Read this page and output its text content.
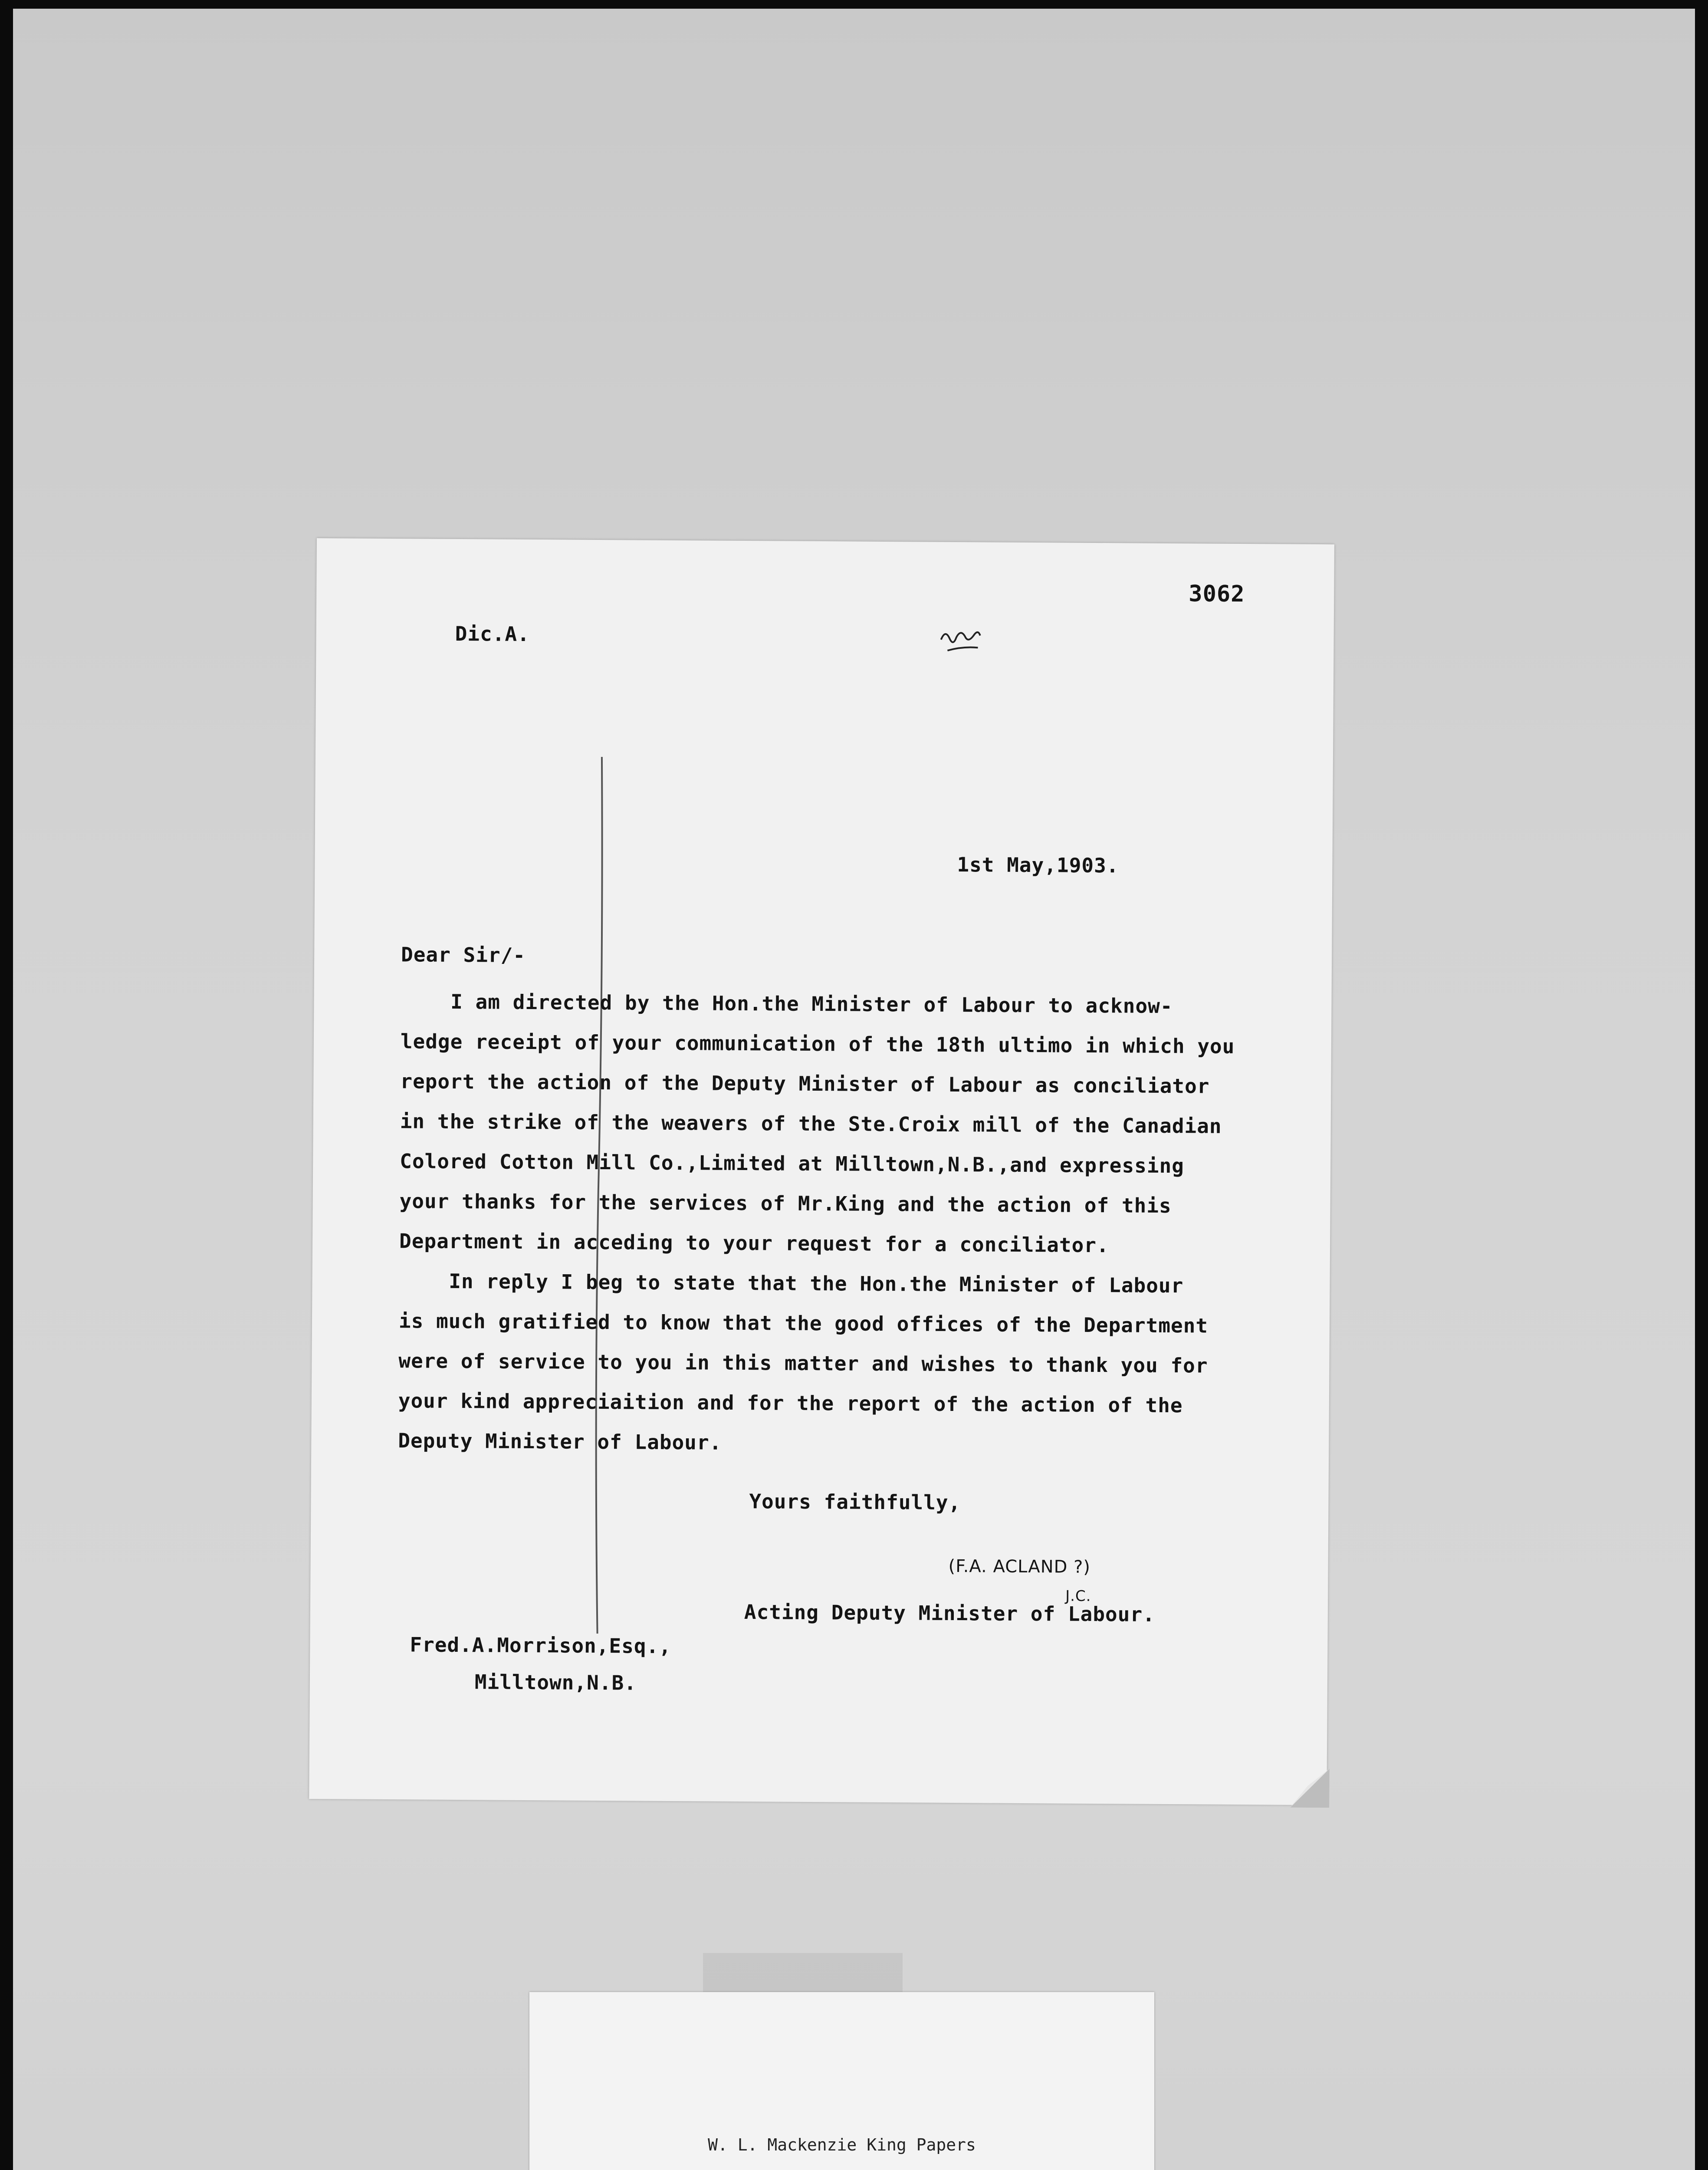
3062
Dic.A.
1st May,1903.
Dear Sir/-
I am directed by the Hon.the Minister of Labour to acknow-
ledge receipt of your communication of the 18th ultimo in which you
report the action of the Deputy Minister of Labour as conciliator
in the strike of the weavers of the Ste.Croix mill of the Canadian
Colored Cotton Mill Co.,Limited at Milltown,N.B.,and expressing
your thanks for the services of Mr.King and the action of this
Department in acceding to your request for a conciliator.
In reply I beg to state that the Hon.the Minister of Labour
is much gratified to know that the good offices of the Department
were of service to you in this matter and wishes to thank you for
your kind appreciaition and for the report of the action of the
Deputy Minister of Labour.
Yours faithfully,
(F.A. ACLAND ?)
J.C.
Acting Deputy Minister of Labour.
Fred.A.Morrison,Esq.,
Milltown,N.B.
W. L. Mackenzie King Papers
